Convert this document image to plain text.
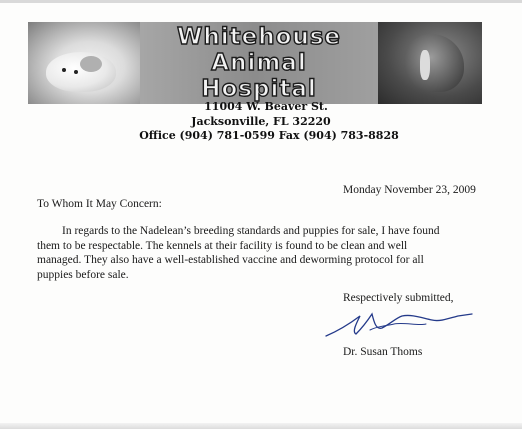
Whitehouse
Animal
Hospital
11004 W. Beaver St.
Jacksonville, FL 32220
Office (904) 781-0599 Fax (904) 783-8828
Monday November 23, 2009
To Whom It May Concern:
In regards to the Nadelean’s breeding standards and puppies for sale, I have found
them to be respectable. The kennels at their facility is found to be clean and well
managed. They also have a well-established vaccine and deworming protocol for all
puppies before sale.
Respectively submitted,
Dr. Susan Thoms
